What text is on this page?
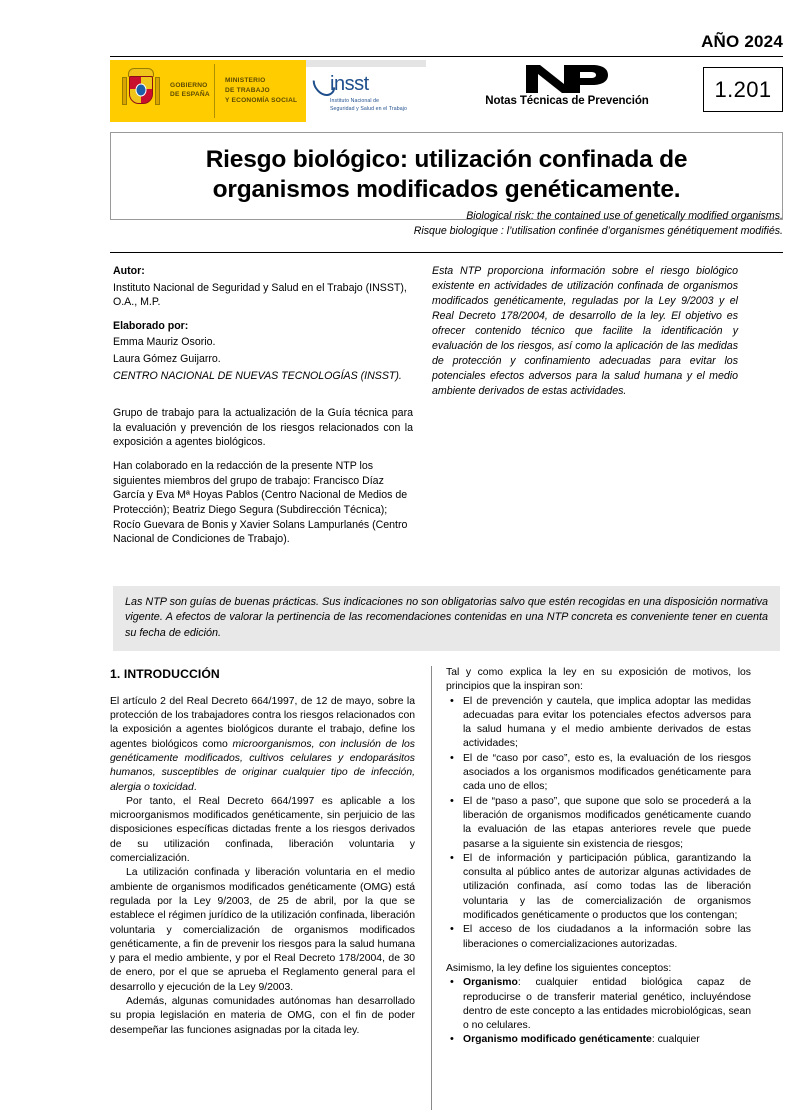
AÑO 2024
GOBIERNO
DE ESPAÑA
MINISTERIO
DE TRABAJO
Y ECONOMÍA SOCIAL
insst
Instituto Nacional de
Seguridad y Salud en el Trabajo
Notas Técnicas de Prevención	1.201
Riesgo biológico: utilización confinada de
organismos modificados genéticamente.
Biological risk: the contained use of genetically modified organisms.
Risque biologique : l’utilisation confinée d’organismes génétiquement modifiés.

Autor:

Instituto Nacional de Seguridad y Salud en el Trabajo (INSST), O.A., M.P.

Elaborado por:

Emma Mauriz Osorio.

Laura Gómez Guijarro.

CENTRO NACIONAL DE NUEVAS TECNOLOGÍAS (INSST).

Grupo de trabajo para la actualización de la Guía técnica para la evaluación y prevención de los riesgos relacionados con la exposición a agentes biológicos.

Han colaborado en la redacción de la presente NTP los siguientes miembros del grupo de trabajo: Francisco Díaz García y Eva Mª Hoyas Pablos (Centro Nacional de Medios de Protección); Beatriz Diego Segura (Subdirección Técnica); Rocío Guevara de Bonis y Xavier Solans Lampurlanés (Centro Nacional de Condiciones de Trabajo).

Esta NTP proporciona información sobre el riesgo biológico existente en actividades de utilización confinada de organismos modificados genéticamente, reguladas por la Ley 9/2003 y el Real Decreto 178/2004, de desarrollo de la ley. El objetivo es ofrecer contenido técnico que facilite la identificación y evaluación de los riesgos, así como la aplicación de las medidas de protección y confinamiento adecuadas para evitar los potenciales efectos adversos para la salud humana y el medio ambiente derivados de estas actividades.
Las NTP son guías de buenas prácticas. Sus indicaciones no son obligatorias salvo que estén recogidas en una disposición normativa vigente. A efectos de valorar la pertinencia de las recomendaciones contenidas en una NTP concreta es conveniente tener en cuenta su fecha de edición.
1. INTRODUCCIÓN

El artículo 2 del Real Decreto 664/1997, de 12 de mayo, sobre la protección de los trabajadores contra los riesgos relacionados con la exposición a agentes biológicos durante el trabajo, define los agentes biológicos como microorganismos, con inclusión de los genéticamente modificados, cultivos celulares y endoparásitos humanos, susceptibles de originar cualquier tipo de infección, alergia o toxicidad.

Por tanto, el Real Decreto 664/1997 es aplicable a los microorganismos modificados genéticamente, sin perjuicio de las disposiciones específicas dictadas frente a los riesgos derivados de su utilización confinada, liberación voluntaria y comercialización.

La utilización confinada y liberación voluntaria en el medio ambiente de organismos modificados genéticamente (OMG) está regulada por la Ley 9/2003, de 25 de abril, por la que se establece el régimen jurídico de la utilización confinada, liberación voluntaria y comercialización de organismos modificados genéticamente, a fin de prevenir los riesgos para la salud humana y para el medio ambiente, y por el Real Decreto 178/2004, de 30 de enero, por el que se aprueba el Reglamento general para el desarrollo y ejecución de la Ley 9/2003.

Además, algunas comunidades autónomas han desarrollado su propia legislación en materia de OMG, con el fin de poder desempeñar las funciones asignadas por la citada ley.

Tal y como explica la ley en su exposición de motivos, los principios que la inspiran son:

• El de prevención y cautela, que implica adoptar las medidas adecuadas para evitar los potenciales efectos adversos para la salud humana y el medio ambiente derivados de estas actividades;
• El de “caso por caso”, esto es, la evaluación de los riesgos asociados a los organismos modificados genéticamente para cada uno de ellos;
• El de “paso a paso”, que supone que solo se procederá a la liberación de organismos modificados genéticamente cuando la evaluación de las etapas anteriores revele que puede pasarse a la siguiente sin existencia de riesgos;
• El de información y participación pública, garantizando la consulta al público antes de autorizar algunas actividades de utilización confinada, así como todas las de liberación voluntaria y las de comercialización de organismos modificados genéticamente o productos que los contengan;
• El acceso de los ciudadanos a la información sobre las liberaciones o comercializaciones autorizadas.

Asimismo, la ley define los siguientes conceptos:

• Organismo: cualquier entidad biológica capaz de reproducirse o de transferir material genético, incluyéndose dentro de este concepto a las entidades microbiológicas, sean o no celulares.
• Organismo modificado genéticamente: cualquier
